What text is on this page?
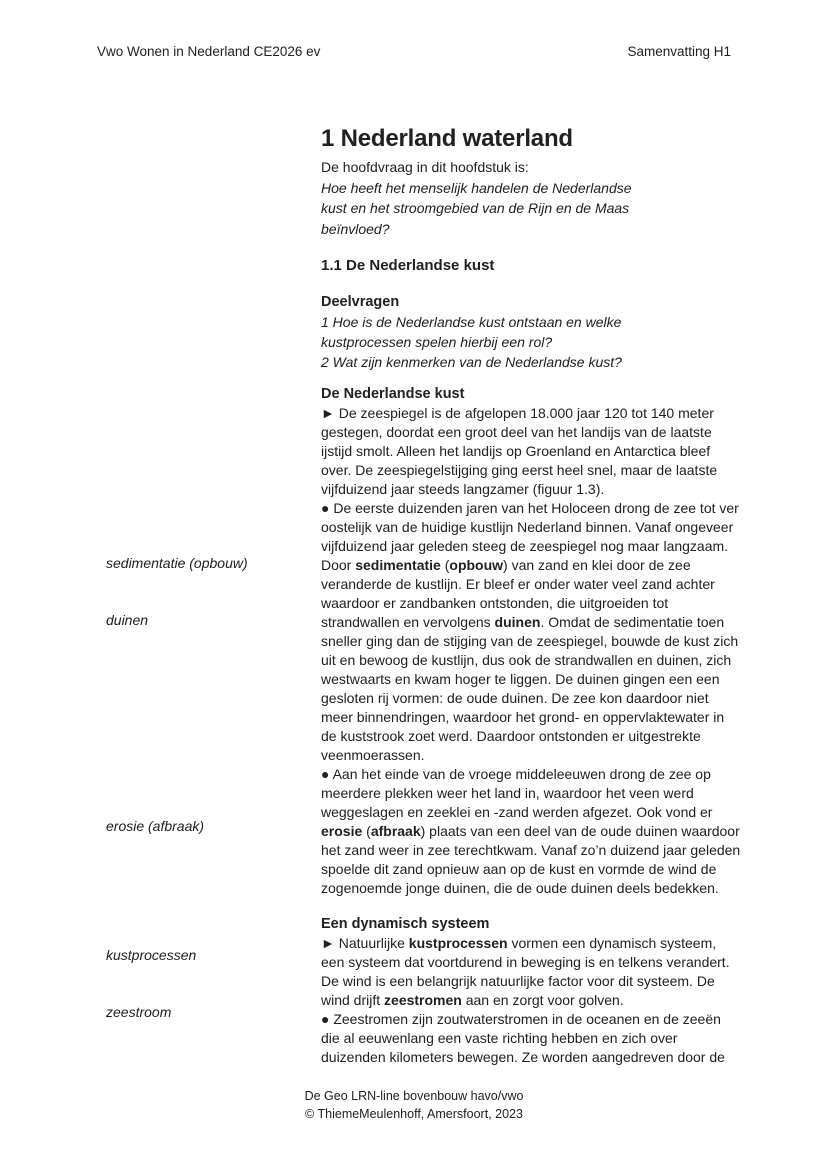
Vwo Wonen in Nederland CE2026 ev	Samenvatting H1
sedimentatie (opbouw)
duinen
erosie (afbraak)
kustprocessen
zeestroom
1 Nederland waterland

De hoofdvraag in dit hoofdstuk is:

Hoe heeft het menselijk handelen de Nederlandse kust en het stroomgebied van de Rijn en de Maas beïnvloed?

1.1 De Nederlandse kust

Deelvragen

1 Hoe is de Nederlandse kust ontstaan en welke kustprocessen spelen hierbij een rol?

2 Wat zijn kenmerken van de Nederlandse kust?

De Nederlandse kust

► De zeespiegel is de afgelopen 18.000 jaar 120 tot 140 meter gestegen, doordat een groot deel van het landijs van de laatste ijstijd smolt. Alleen het landijs op Groenland en Antarctica bleef over. De zeespiegelstijging ging eerst heel snel, maar de laatste vijfduizend jaar steeds langzamer (figuur 1.3).

● De eerste duizenden jaren van het Holoceen drong de zee tot ver oostelijk van de huidige kustlijn Nederland binnen. Vanaf ongeveer vijfduizend jaar geleden steeg de zeespiegel nog maar langzaam. Door sedimentatie (opbouw) van zand en klei door de zee veranderde de kustlijn. Er bleef er onder water veel zand achter waardoor er zandbanken ontstonden, die uitgroeiden tot strandwallen en vervolgens duinen. Omdat de sedimentatie toen sneller ging dan de stijging van de zeespiegel, bouwde de kust zich uit en bewoog de kustlijn, dus ook de strandwallen en duinen, zich westwaarts en kwam hoger te liggen. De duinen gingen een een gesloten rij vormen: de oude duinen. De zee kon daardoor niet meer binnendringen, waardoor het grond- en oppervlaktewater in de kuststrook zoet werd. Daardoor ontstonden er uitgestrekte veenmoerassen.

● Aan het einde van de vroege middeleeuwen drong de zee op meerdere plekken weer het land in, waardoor het veen werd weggeslagen en zeeklei en -zand werden afgezet. Ook vond er erosie (afbraak) plaats van een deel van de oude duinen waardoor het zand weer in zee terechtkwam. Vanaf zo’n duizend jaar geleden spoelde dit zand opnieuw aan op de kust en vormde de wind de zogenoemde jonge duinen, die de oude duinen deels bedekken.

Een dynamisch systeem

► Natuurlijke kustprocessen vormen een dynamisch systeem, een systeem dat voortdurend in beweging is en telkens verandert. De wind is een belangrijk natuurlijke factor voor dit systeem. De wind drijft zeestromen aan en zorgt voor golven.

● Zeestromen zijn zoutwaterstromen in de oceanen en de zeeën die al eeuwenlang een vaste richting hebben en zich over duizenden kilometers bewegen. Ze worden aangedreven door de

De Geo LRN-line bovenbouw havo/vwo
© ThiemeMeulenhoff, Amersfoort, 2023
